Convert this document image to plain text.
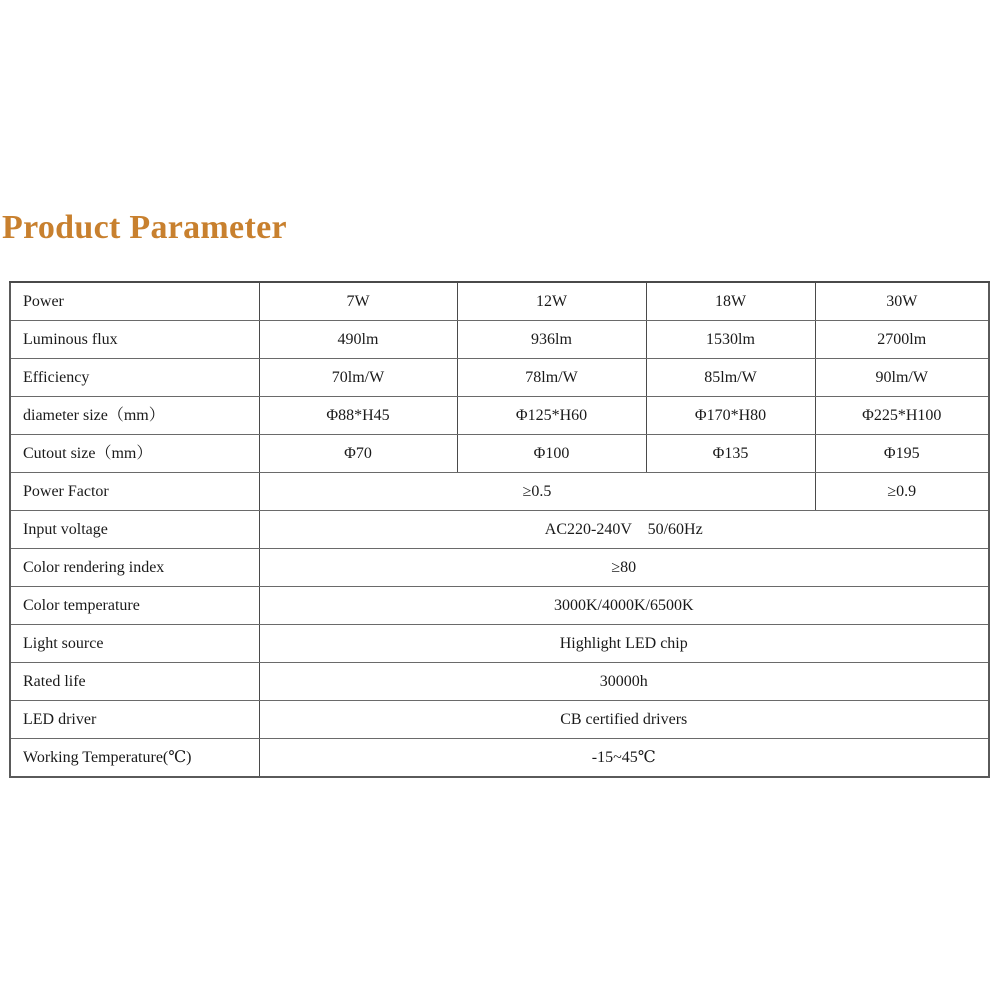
Product Parameter
Power	7W	12W	18W	30W
Luminous flux	490lm	936lm	1530lm	2700lm
Efficiency	70lm/W	78lm/W	85lm/W	90lm/W
diameter size（mm）	Φ88*H45	Φ125*H60	Φ170*H80	Φ225*H100
Cutout size（mm）	Φ70	Φ100	Φ135	Φ195
Power Factor	≥0.5			≥0.9
Input voltage	AC220-240V    50/60Hz			
Color rendering index	≥80			
Color temperature	3000K/4000K/6500K			
Light source	Highlight LED chip			
Rated life	30000h			
LED driver	CB certified drivers			
Working Temperature(℃)	-15~45℃			
